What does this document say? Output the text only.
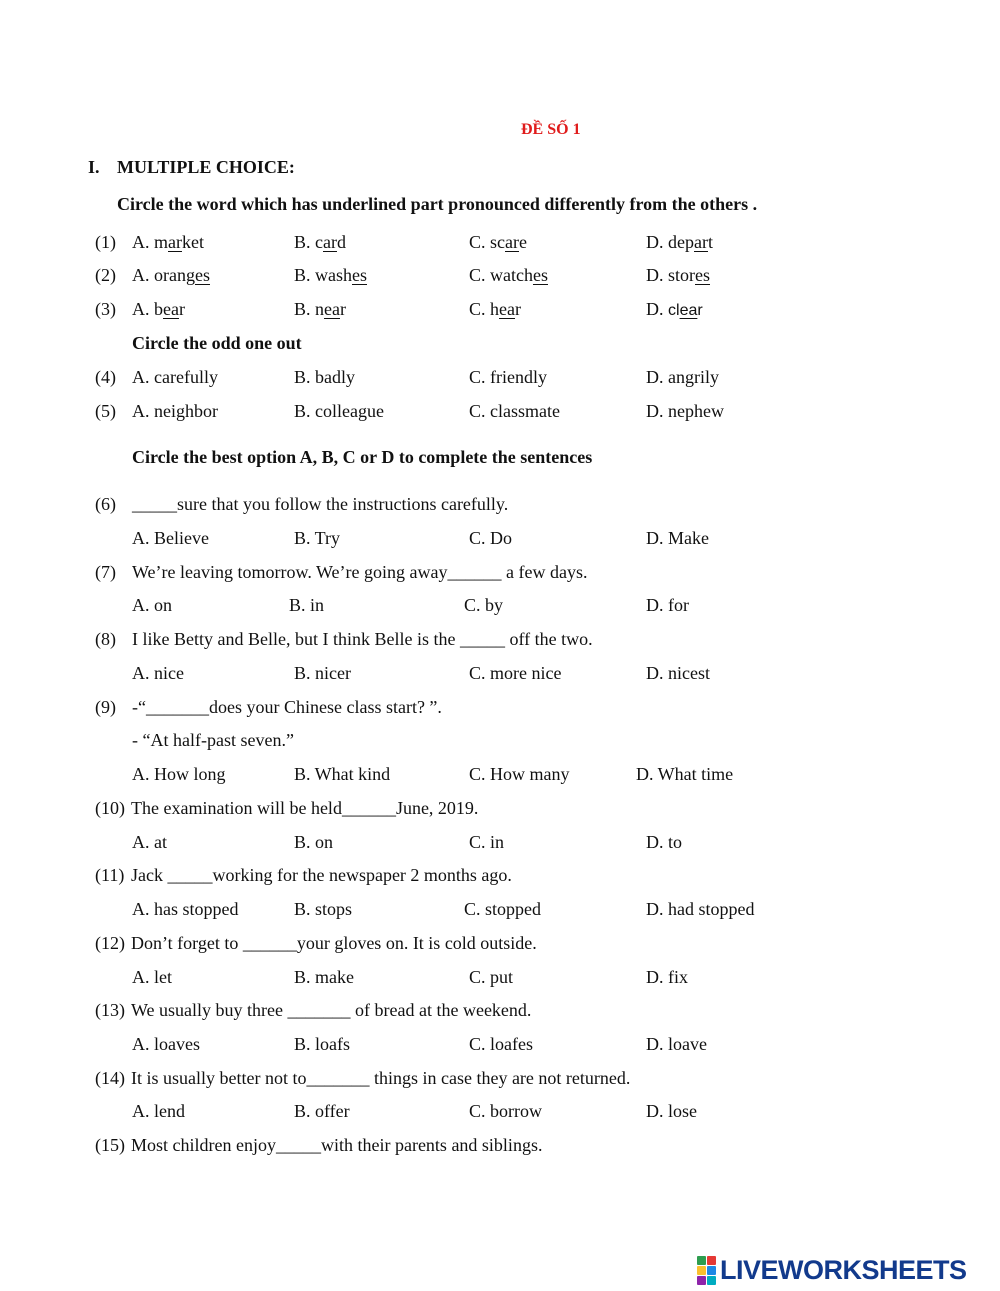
ĐỀ SỐ 1
I. MULTIPLE CHOICE:
Circle the word which has underlined part pronounced differently from the others .
(1) A. market	B. card	C. scare	D. depart
(2) A. oranges	B. washes	C. watches	D. stores
(3) A. bear	B. near	C. hear	D. clear
Circle the odd one out
(4) A. carefully	B. badly	C. friendly	D. angrily
(5) A. neighbor	B. colleague	C. classmate	D. nephew
Circle the best option A, B, C or D to complete the sentences
(6) _____sure that you follow the instructions carefully.
A. Believe	B. Try	C. Do	D. Make
(7) We’re leaving tomorrow. We’re going away______ a few days.
A. on	B. in	C. by	D. for
(8) I like Betty and Belle, but I think Belle is the _____ off the two.
A. nice	B. nicer	C. more nice	D. nicest
(9) -“_______does your Chinese class start? ”.
- “At half-past seven.”
A. How long	B. What kind	C. How many	D. What time
(10) The examination will be held______June, 2019.
A. at	B. on	C. in	D. to
(11) Jack _____working for the newspaper 2 months ago.
A. has stopped	B. stops	C. stopped	D. had stopped
(12) Don’t forget to ______your gloves on. It is cold outside.
A. let	B. make	C. put	D. fix
(13) We usually buy three _______ of bread at the weekend.
A. loaves	B. loafs	C. loafes	D. loave
(14) It is usually better not to_______ things in case they are not returned.
A. lend	B. offer	C. borrow	D. lose
(15) Most children enjoy_____with their parents and siblings.
LIVEWORKSHEETS
